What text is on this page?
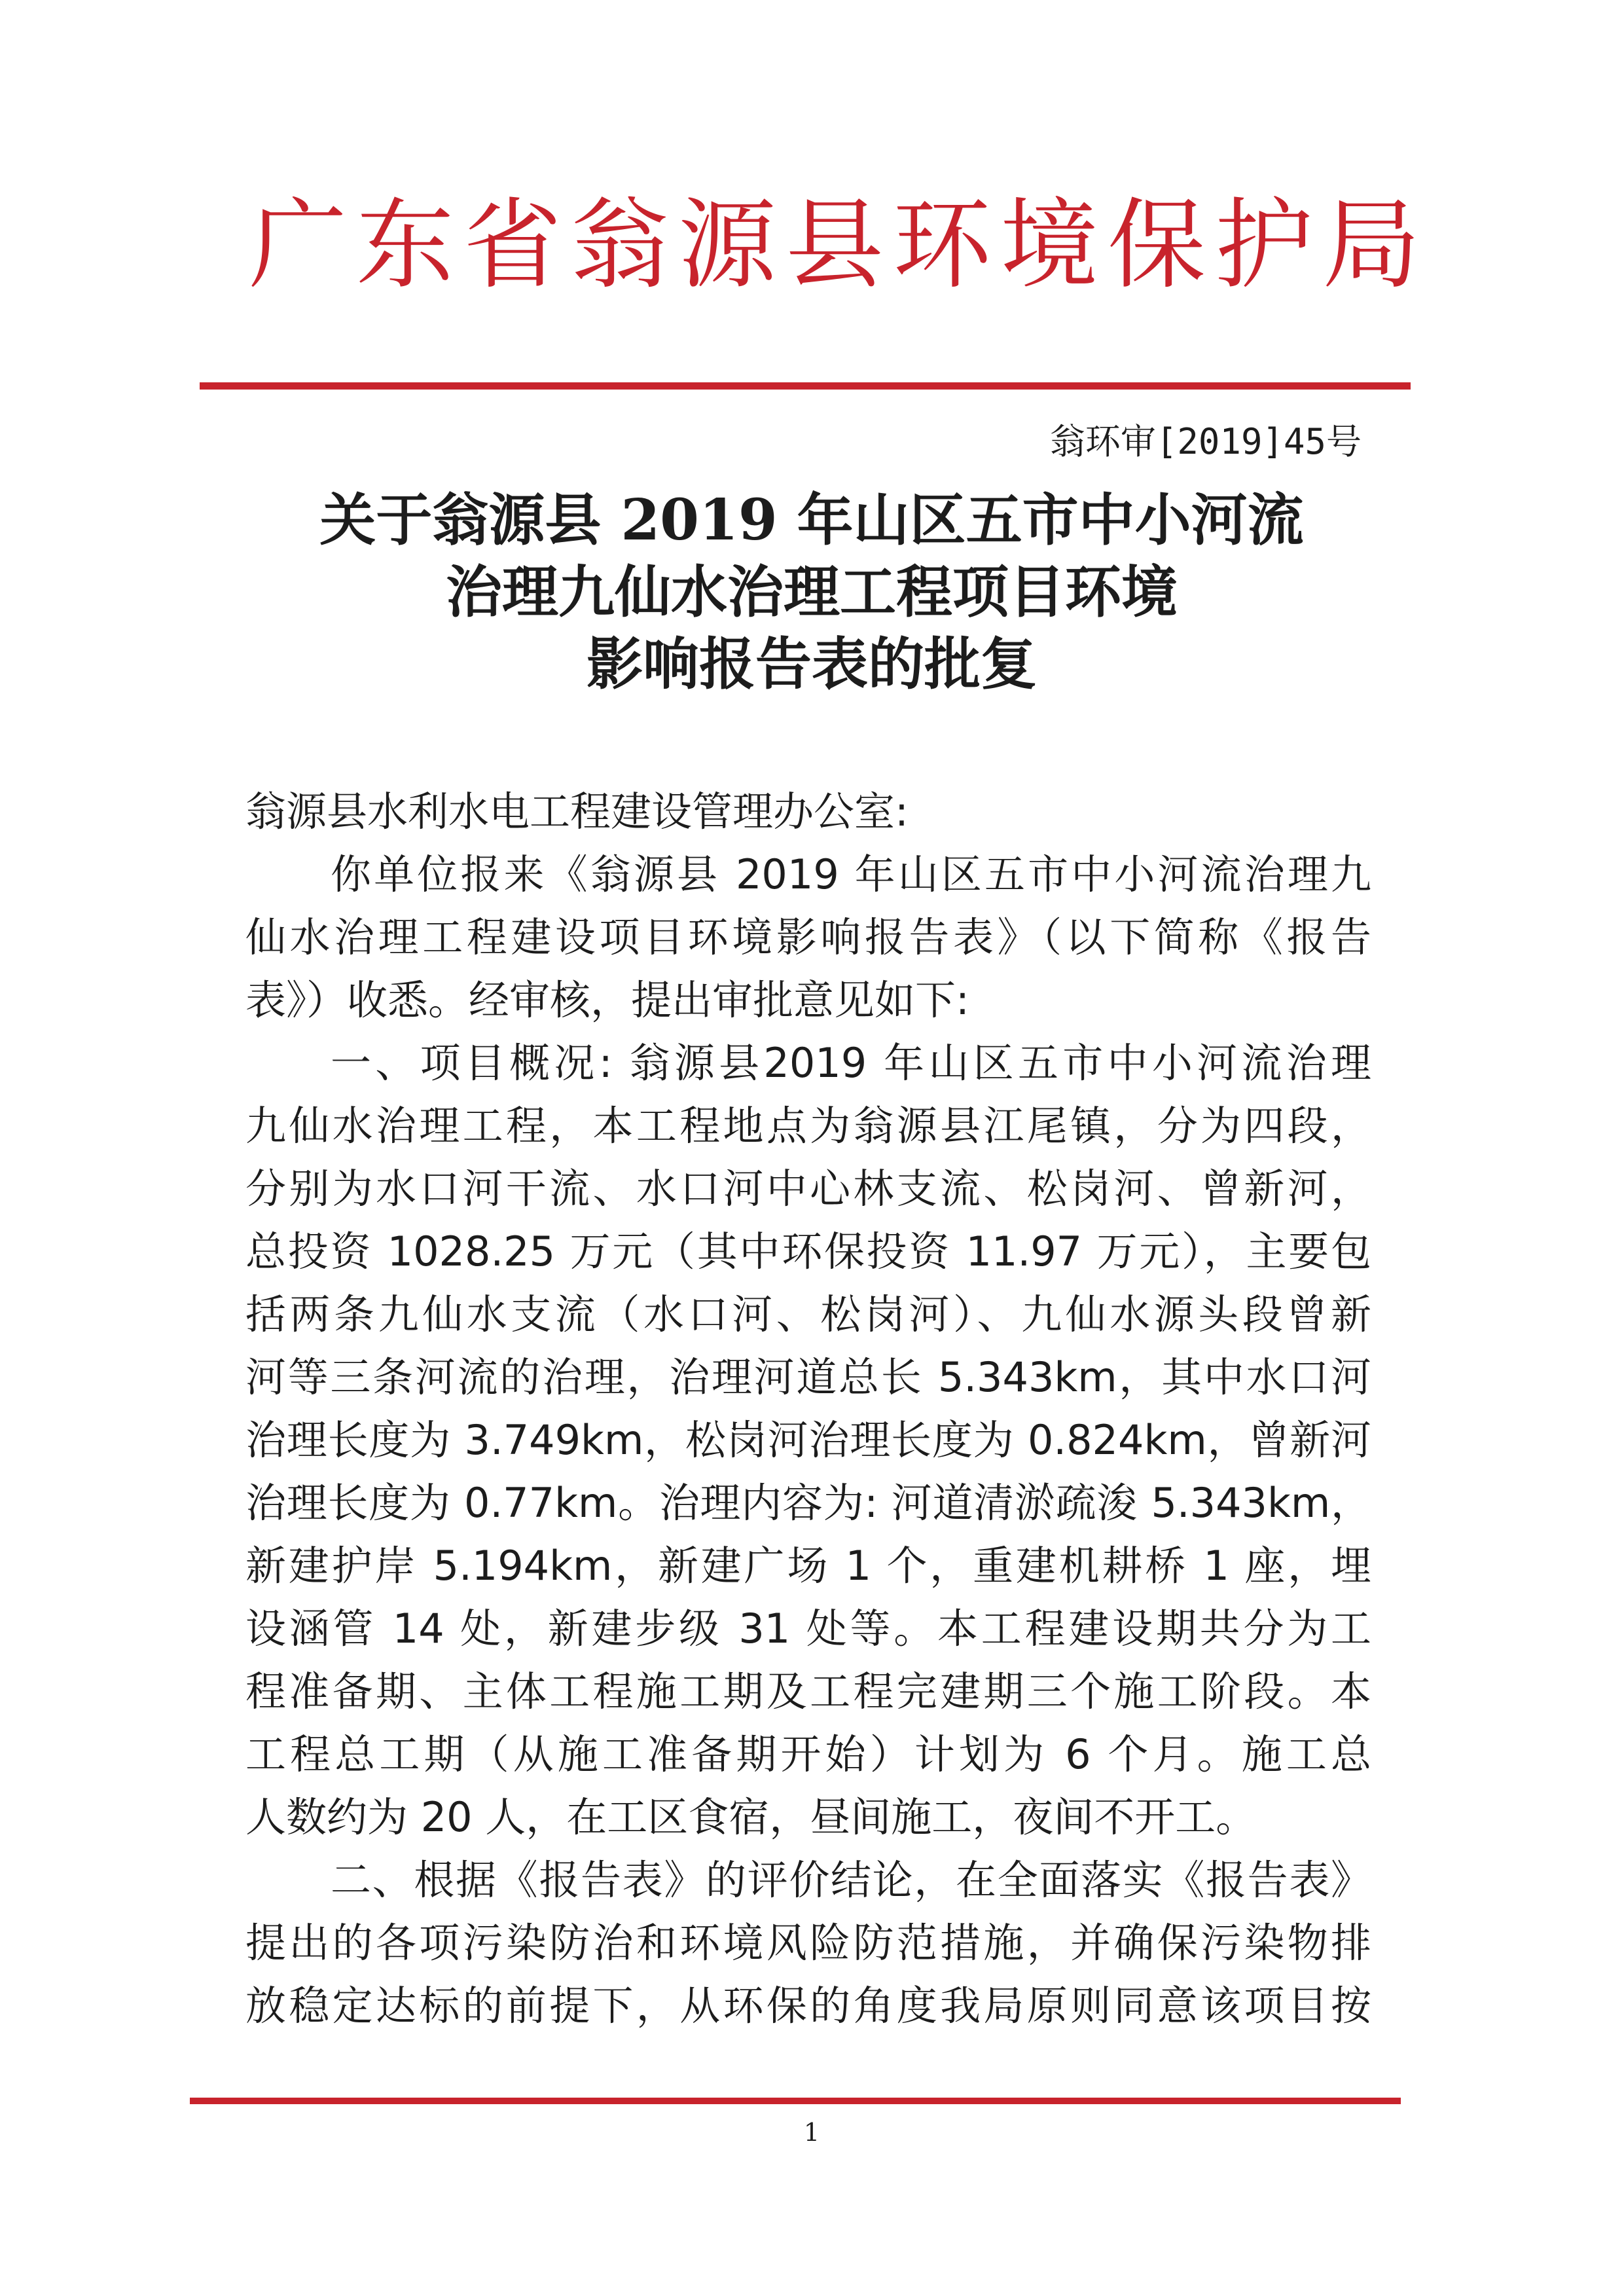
广东省翁源县环境保护局
翁环审[2019]45号
关于翁源县 2019 年山区五市中小河流
治理九仙水治理工程项目环境
影响报告表的批复
翁源县水利水电工程建设管理办公室:
你单位报来《翁源县 2019 年山区五市中小河流治理九
仙水治理工程建设项目环境影响报告表》（以下简称《报告
表》）收悉。经审核，提出审批意见如下:
一、项目概况: 翁源县2019 年山区五市中小河流治理
九仙水治理工程，本工程地点为翁源县江尾镇，分为四段，
分别为水口河干流、水口河中心林支流、松岗河、曾新河，
总投资 1028.25 万元（其中环保投资 11.97 万元），主要包
括两条九仙水支流（水口河、松岗河）、九仙水源头段曾新
河等三条河流的治理，治理河道总长 5.343km，其中水口河
治理长度为 3.749km，松岗河治理长度为 0.824km，曾新河
治理长度为 0.77km。治理内容为: 河道清淤疏浚 5.343km，
新建护岸 5.194km，新建广场 1 个，重建机耕桥 1 座，埋
设涵管 14 处，新建步级 31 处等。本工程建设期共分为工
程准备期、主体工程施工期及工程完建期三个施工阶段。本
工程总工期（从施工准备期开始）计划为 6 个月。施工总
人数约为 20 人，在工区食宿，昼间施工，夜间不开工。
二、根据《报告表》的评价结论，在全面落实《报告表》
提出的各项污染防治和环境风险防范措施，并确保污染物排
放稳定达标的前提下，从环保的角度我局原则同意该项目按
1
